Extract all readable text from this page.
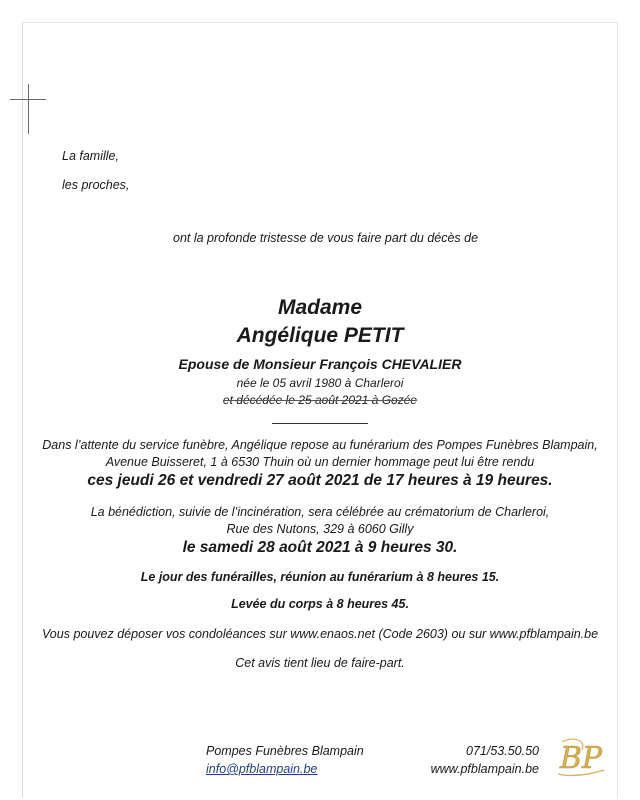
La famille,
les proches,
ont la profonde tristesse de vous faire part du décès de
Madame
Angélique PETIT
Epouse de Monsieur François CHEVALIER
née le 05 avril 1980 à Charleroi
et décédée le 25 août 2021 à Gozée
Dans l’attente du service funèbre, Angélique repose au funérarium des Pompes Funèbres Blampain,
Avenue Buisseret, 1 à 6530 Thuin où un dernier hommage peut lui être rendu
ces jeudi 26 et vendredi 27 août 2021 de 17 heures à 19 heures.
La bénédiction, suivie de l’incinération, sera célébrée au crématorium de Charleroi,
Rue des Nutons, 329 à 6060 Gilly
le samedi 28 août 2021 à 9 heures 30.
Le jour des funérailles, réunion au funérarium à 8 heures 15.
Levée du corps à 8 heures 45.
Vous pouvez déposer vos condoléances sur www.enaos.net (Code 2603) ou sur www.pfblampain.be
Cet avis tient lieu de faire-part.
Pompes Funèbres Blampain
info@pfblampain.be
071/53.50.50
www.pfblampain.be BP
